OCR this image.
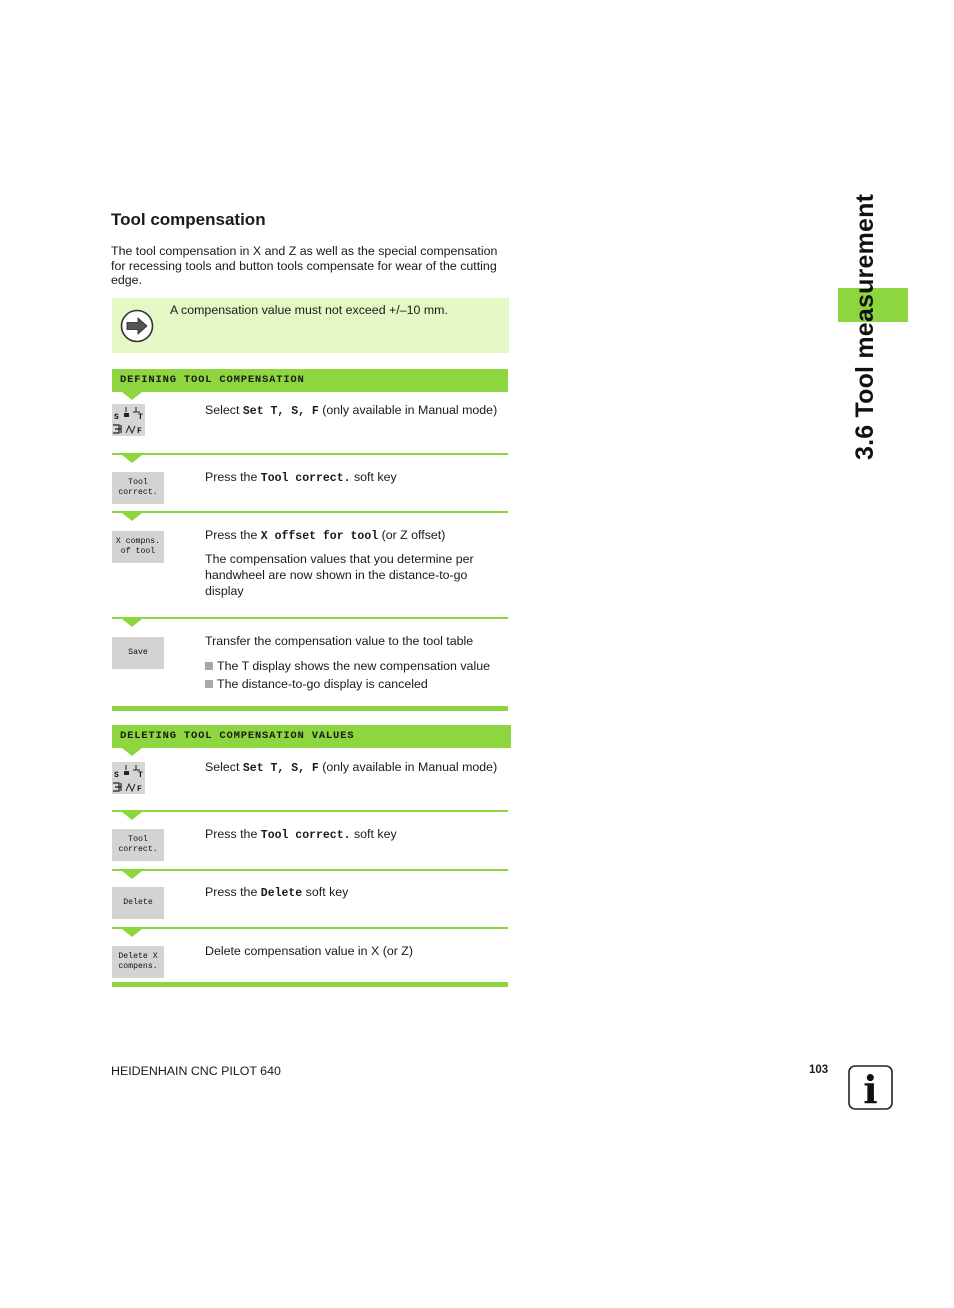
3.6 Tool measurement
Tool compensation
The tool compensation in X and Z as well as the special compensation for recessing tools and button tools compensate for wear of the cutting edge.
A compensation value must not exceed +/–10 mm.
DEFINING TOOL COMPENSATION
S T
F
Select Set T, S, F (only available in Manual mode)
Tool
correct.
Press the Tool correct. soft key
X compns.
of tool
Press the X offset for tool (or Z offset)
The compensation values that you determine per handwheel are now shown in the distance-to-go display
Save
Transfer the compensation value to the tool table
The T display shows the new compensation value
The distance-to-go display is canceled
DELETING TOOL COMPENSATION VALUES
S T
F
Select Set T, S, F (only available in Manual mode)
Tool
correct.
Press the Tool correct. soft key
Delete
Press the Delete soft key
Delete X
compens.
Delete compensation value in X (or Z)
HEIDENHAIN CNC PILOT 640	103 i
